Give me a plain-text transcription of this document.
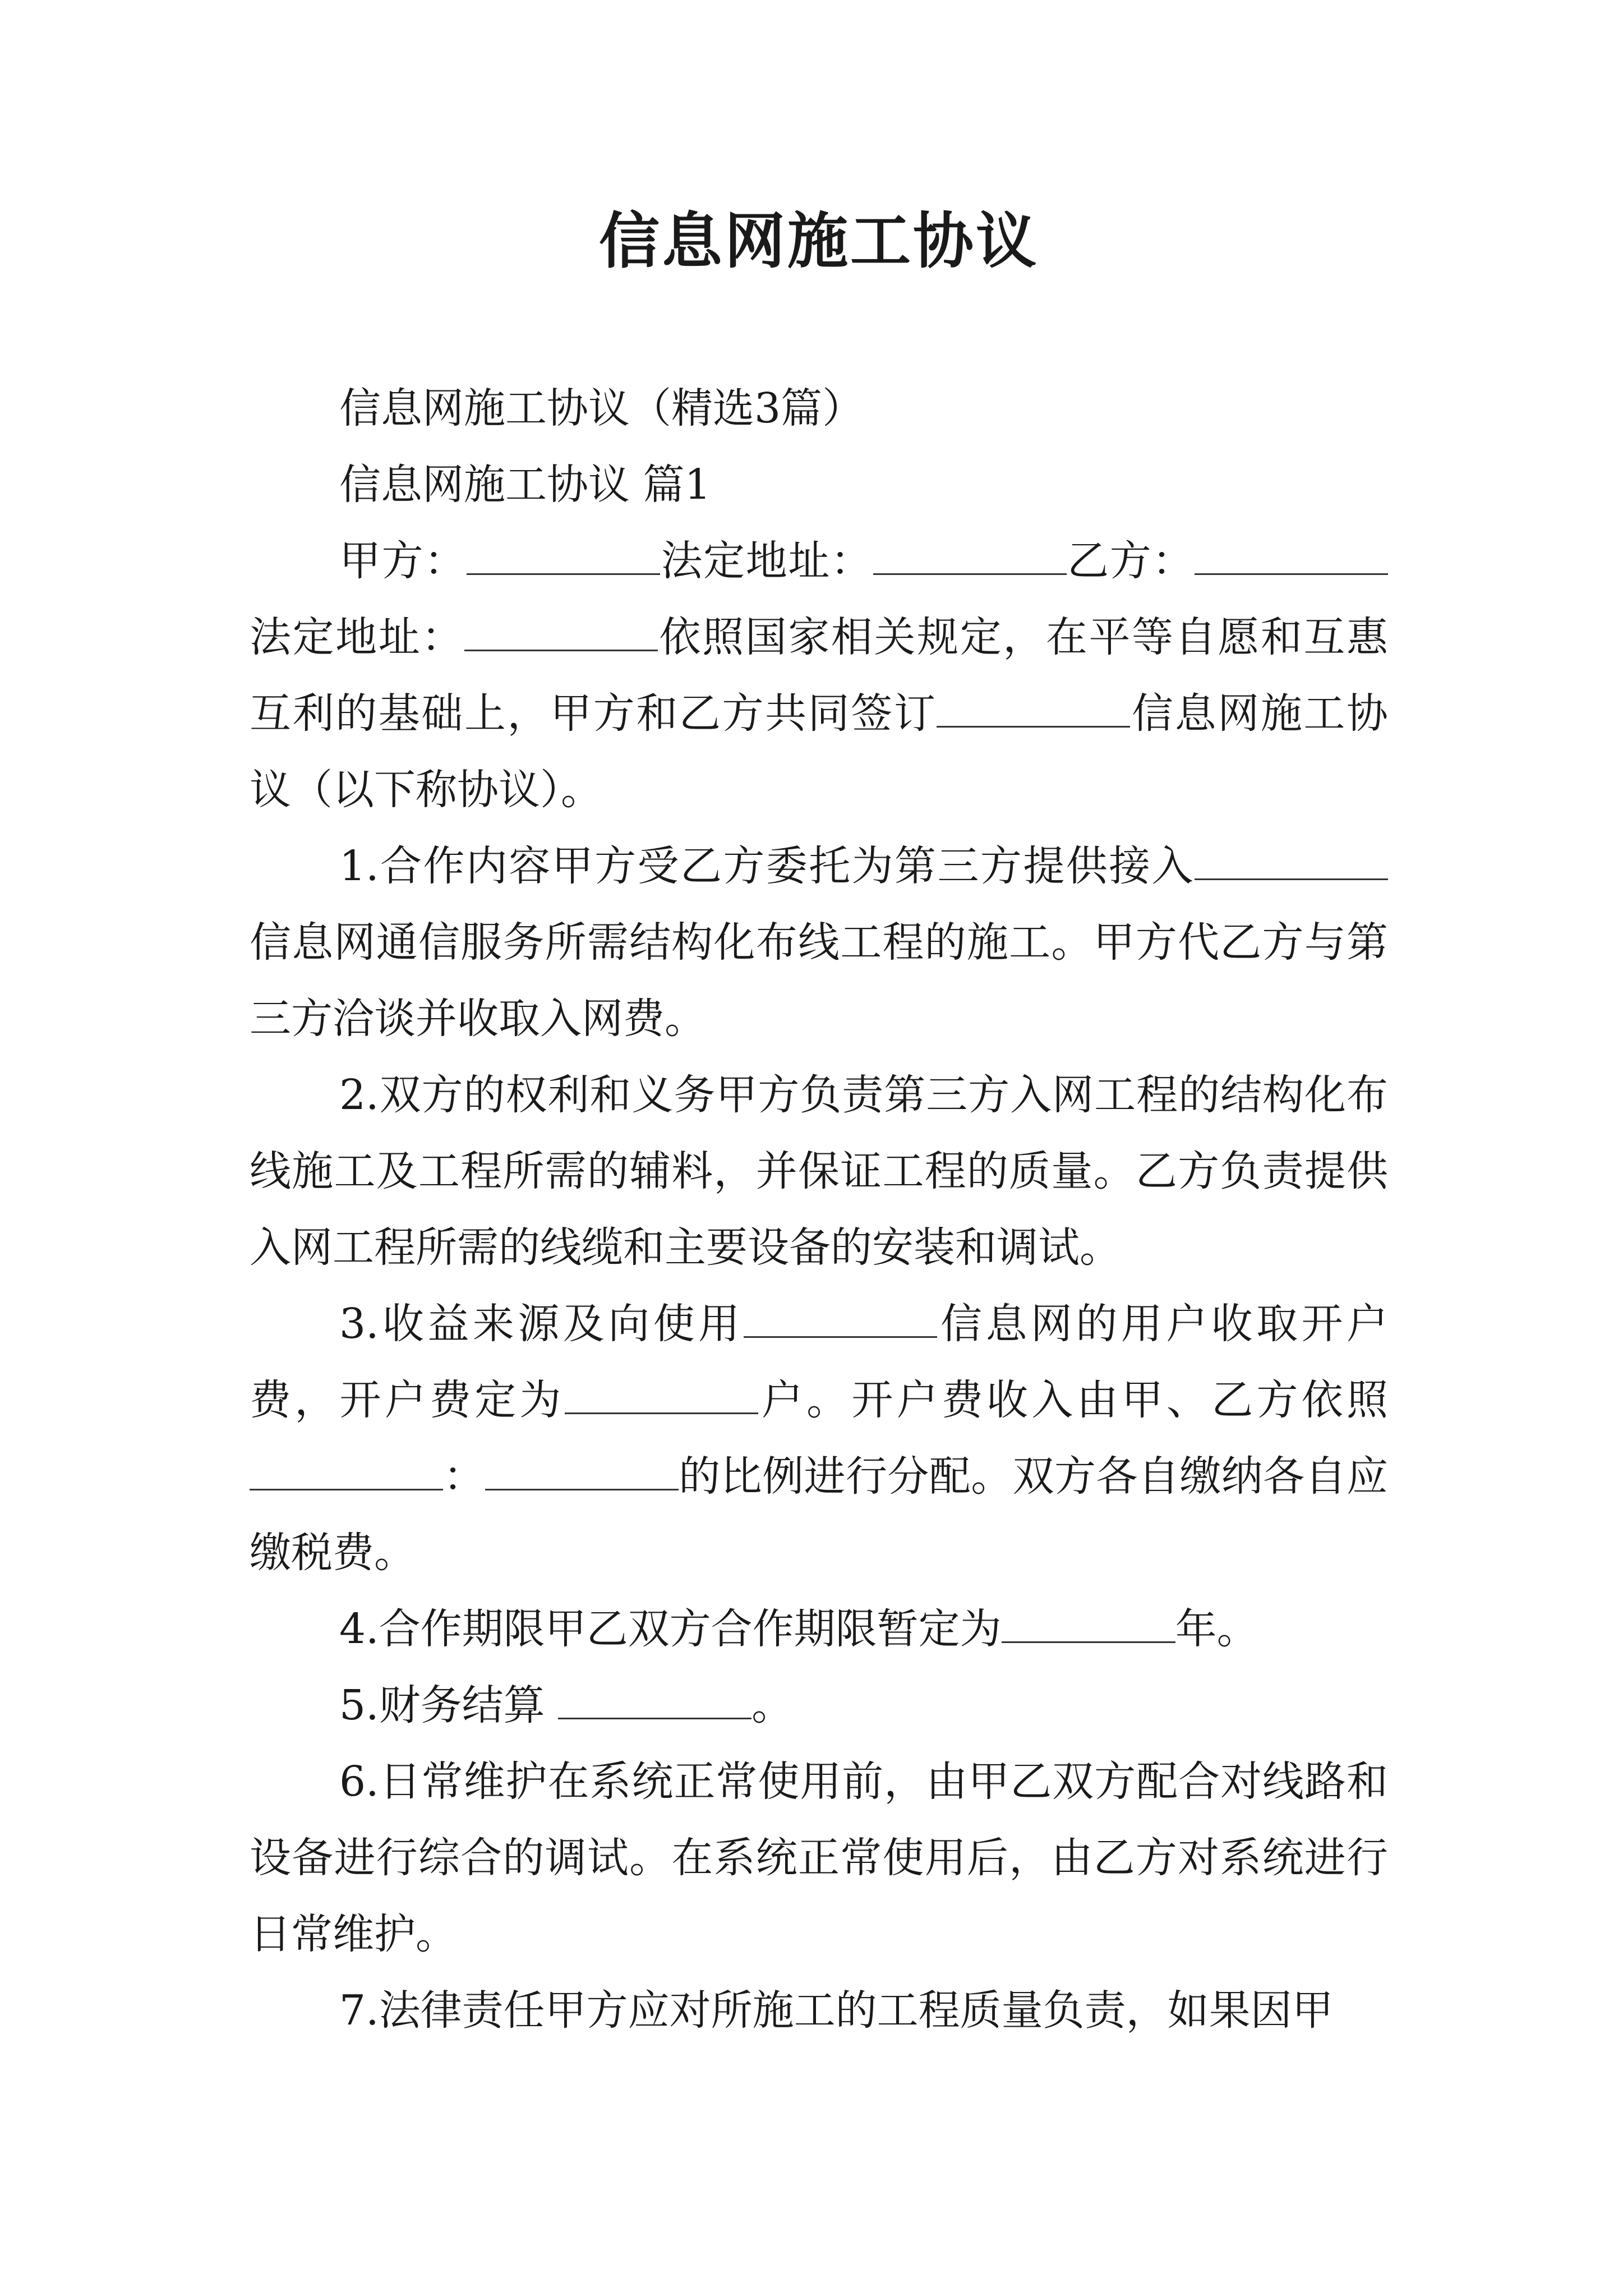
信息网施工协议

信息网施工协议（精选3篇）

信息网施工协议 篇1

甲方：	法定地址：	乙方：法定地址：	依照国家相关规定，在平等自愿和互惠互利的基础上，甲方和乙方共同签订	信息网施工协议（以下称协议）。

1.合作内容甲方受乙方委托为第三方提供接入信息网通信服务所需结构化布线工程的施工。甲方代乙方与第三方洽谈并收取入网费。

2.双方的权利和义务甲方负责第三方入网工程的结构化布线施工及工程所需的辅料，并保证工程的质量。乙方负责提供入网工程所需的线缆和主要设备的安装和调试。

3.收益来源及向使用	信息网的用户收取开户费，开户费定为	户。开户费收入由甲、乙方依照：	的比例进行分配。双方各自缴纳各自应缴税费。

4.合作期限甲乙双方合作期限暂定为	年。

5.财务结算	。

6.日常维护在系统正常使用前，由甲乙双方配合对线路和设备进行综合的调试。在系统正常使用后，由乙方对系统进行日常维护。

7.法律责任甲方应对所施工的工程质量负责，如果因甲
